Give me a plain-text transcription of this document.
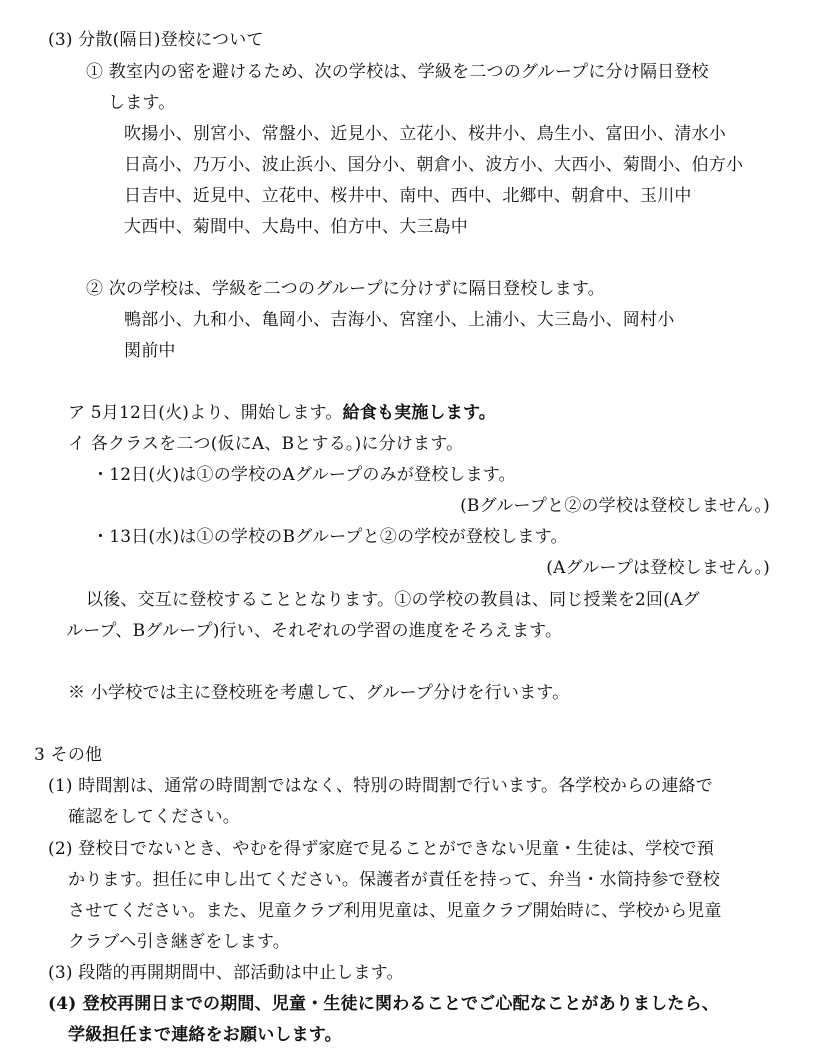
(3) 分散(隔日)登校について
① 教室内の密を避けるため、次の学校は、学級を二つのグループに分け隔日登校
します。
吹揚小、別宮小、常盤小、近見小、立花小、桜井小、鳥生小、富田小、清水小
日高小、乃万小、波止浜小、国分小、朝倉小、波方小、大西小、菊間小、伯方小
日吉中、近見中、立花中、桜井中、南中、西中、北郷中、朝倉中、玉川中
大西中、菊間中、大島中、伯方中、大三島中
② 次の学校は、学級を二つのグループに分けずに隔日登校します。
鴨部小、九和小、亀岡小、吉海小、宮窪小、上浦小、大三島小、岡村小
関前中
ア 5月12日(火)より、開始します。給食も実施します。
イ 各クラスを二つ(仮にA、Bとする。)に分けます。
・12日(火)は①の学校のAグループのみが登校します。
(Bグループと②の学校は登校しません。)
・13日(水)は①の学校のBグループと②の学校が登校します。
(Aグループは登校しません。)
以後、交互に登校することとなります。①の学校の教員は、同じ授業を2回(Aグ
ループ、Bグループ)行い、それぞれの学習の進度をそろえます。
※ 小学校では主に登校班を考慮して、グループ分けを行います。
3 その他
(1) 時間割は、通常の時間割ではなく、特別の時間割で行います。各学校からの連絡で
確認をしてください。
(2) 登校日でないとき、やむを得ず家庭で見ることができない児童・生徒は、学校で預
かります。担任に申し出てください。保護者が責任を持って、弁当・水筒持参で登校
させてください。また、児童クラブ利用児童は、児童クラブ開始時に、学校から児童
クラブへ引き継ぎをします。
(3) 段階的再開期間中、部活動は中止します。
(4) 登校再開日までの期間、児童・生徒に関わることでご心配なことがありましたら、
学級担任まで連絡をお願いします。
